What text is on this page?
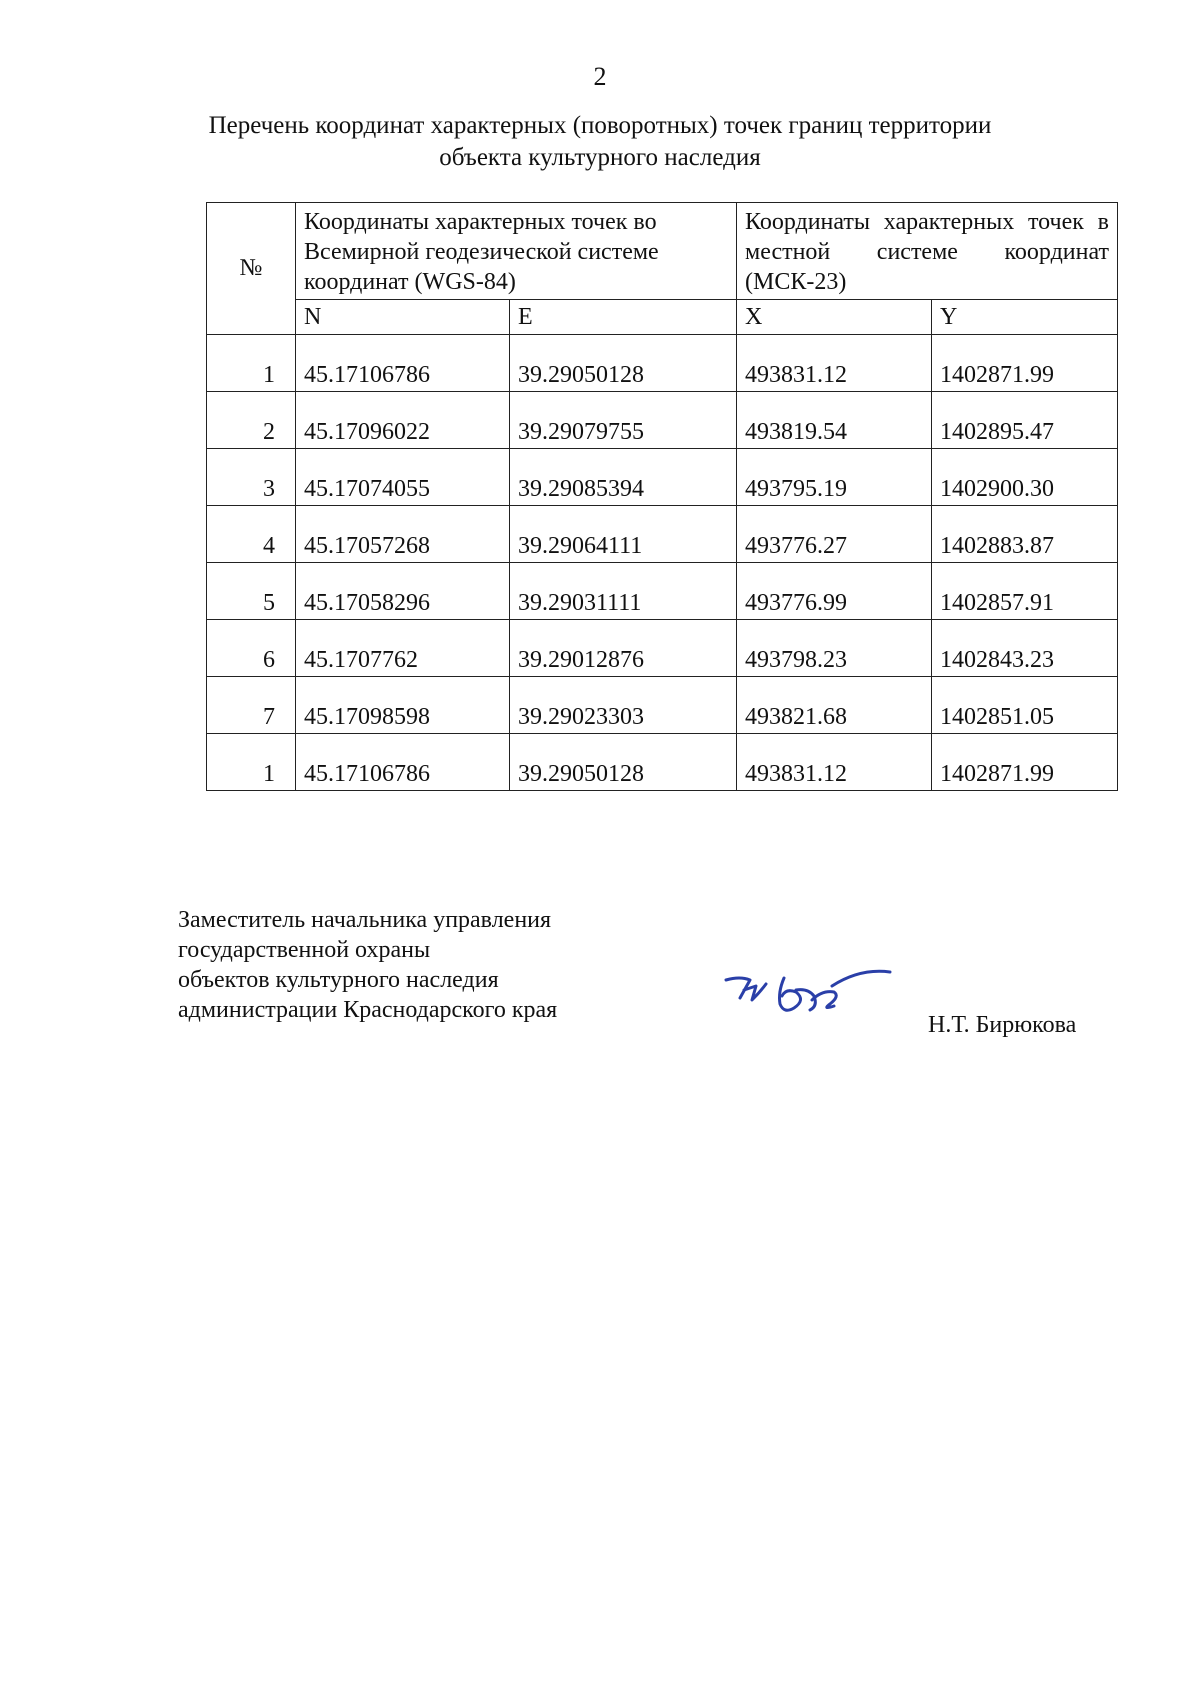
2
Перечень координат характерных (поворотных) точек границ территории
объекта культурного наследия
№	Координаты характерных точек во Всемирной геодезической системе координат (WGS-84)		Координаты характерных точек в местной системе координат (МСК-23)	
	N	E	X	Y
1	45.17106786	39.29050128	493831.12	1402871.99
2	45.17096022	39.29079755	493819.54	1402895.47
3	45.17074055	39.29085394	493795.19	1402900.30
4	45.17057268	39.29064111	493776.27	1402883.87
5	45.17058296	39.29031111	493776.99	1402857.91
6	45.1707762	39.29012876	493798.23	1402843.23
7	45.17098598	39.29023303	493821.68	1402851.05
1	45.17106786	39.29050128	493831.12	1402871.99
Заместитель начальника управления
государственной охраны
объектов культурного наследия
администрации Краснодарского края
Н.Т. Бирюкова
